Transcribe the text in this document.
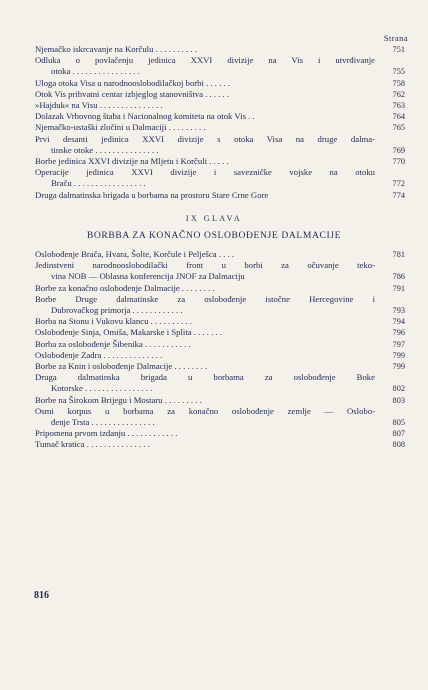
Strana
Njemačko iskrcavanje na Korčulu . . . . . . . . . .	751
Odluka o povlačenju jedinica XXVI divizije na Vis i utvrđivanje
otoka . . . . . . . . . . . . . . . .	755
Uloga otoka Visa u narodnooslobodilačkoj borbi . . . . . .	758
Otok Vis prihvatni centar izbjeglog stanovništva . . . . . .	762
»Hajduk« na Visu . . . . . . . . . . . . . . .	763
Dolazak Vrhovnog štaba i Nacionalnog komiteta na otok Vis . .	764
Njemačko-ustaški zločini u Dalmaciji . . . . . . . . .	765
Prvi desanti jedinica XXVI divizije s otoka Visa na druge dalma-
tinske otoke . . . . . . . . . . . . . . .	769
Borbe jedinica XXVI divizije na Mljetu i Korčuli . . . . .	770
Operacije jedinica XXVI divizije i savezničke vojske na otoku
Braču . . . . . . . . . . . . . . . . .	772
Druga dalmatinska brigada u borbama na prostoru Stare Crne Gore	774
IX GLAVA
BORBBA ZA KONAČNO OSLOBOĐENJE DALMACIJE
Oslobođenje Brača, Hvara, Šolte, Korčule i Pelješca . . . .	781
Jedinstveni narodnooslobodilački front u borbi za očuvanje teko-
vina NOB — Oblasna konferencija JNOF za Dalmaciju	786
Borbe za konačno oslobođenje Dalmacije . . . . . . . .	791
Borbe Druge dalmatinske za oslobođenje istočne Hercegovine i
Dubrovačkog primorja . . . . . . . . . . . .	793
Borba na Stonu i Vukovu klancu . . . . . . . . . .	794
Oslobođenje Sinja, Omiša, Makarske i Splita . . . . . . .	796
Borba za oslobođenje Šibenika . . . . . . . . . . .	797
Oslobođenje Zadra . . . . . . . . . . . . . .	799
Borbe za Knin i oslobođenje Dalmacije . . . . . . . .	799
Druga dalmatinska brigada u borbama za oslobođenje Boke
Kotorske . . . . . . . . . . . . . . . .	802
Borbe na Širokom Brijegu i Mostaru . . . . . . . . .	803
Osmi korpus u borbama za konačno oslobođenje zemlje — Oslobo-
đenje Trsta . . . . . . . . . . . . . . .	805
Pripomena prvom izdanju . . . . . . . . . . . .	807
Tumač kratica . . . . . . . . . . . . . . .	808
816
